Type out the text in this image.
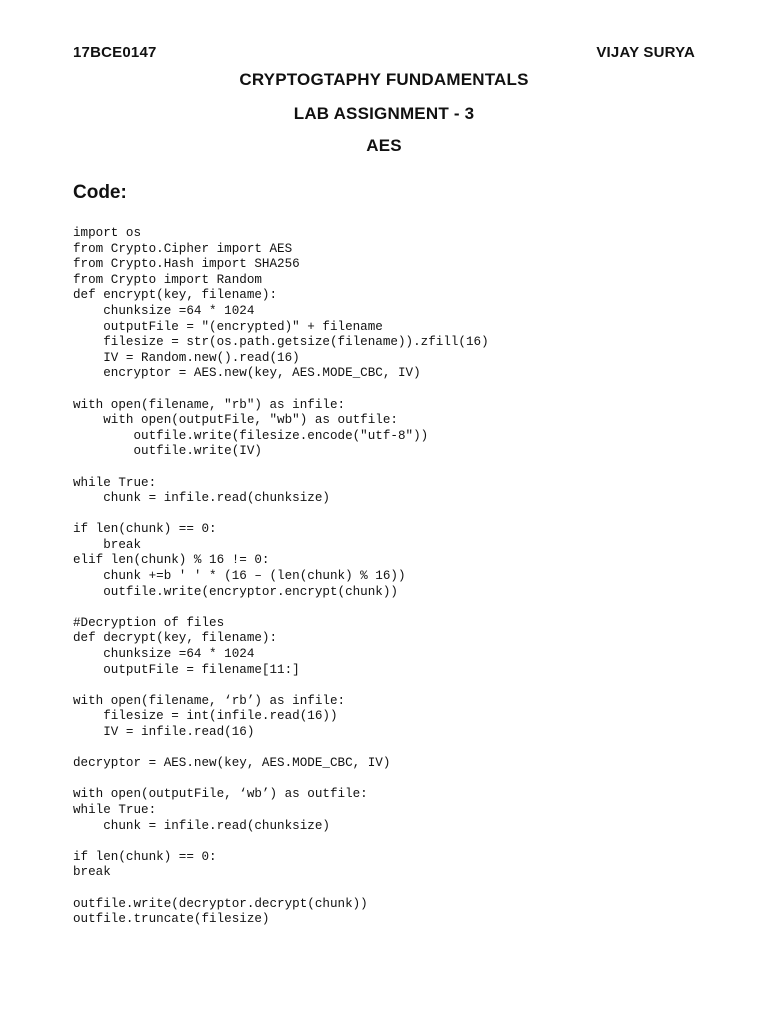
17BCE0147	VIJAY SURYA
CRYPTOGTAPHY FUNDAMENTALS
LAB ASSIGNMENT - 3
AES
Code:
import os
from Crypto.Cipher import AES
from Crypto.Hash import SHA256
from Crypto import Random
def encrypt(key, filename):
chunksize =64 * 1024
outputFile = "(encrypted)" + filename
filesize = str(os.path.getsize(filename)).zfill(16)
IV = Random.new().read(16)
encryptor = AES.new(key, AES.MODE_CBC, IV)
with open(filename, "rb") as infile:
with open(outputFile, "wb") as outfile:
outfile.write(filesize.encode("utf-8"))
outfile.write(IV)
while True:
chunk = infile.read(chunksize)
if len(chunk) == 0:
break
elif len(chunk) % 16 != 0:
chunk +=b ' ' * (16 – (len(chunk) % 16))
outfile.write(encryptor.encrypt(chunk))
#Decryption of files
def decrypt(key, filename):
chunksize =64 * 1024
outputFile = filename[11:]
with open(filename, ‘rb’) as infile:
filesize = int(infile.read(16))
IV = infile.read(16)
decryptor = AES.new(key, AES.MODE_CBC, IV)
with open(outputFile, ‘wb’) as outfile:
while True:
chunk = infile.read(chunksize)
if len(chunk) == 0:
break
outfile.write(decryptor.decrypt(chunk))
outfile.truncate(filesize)
